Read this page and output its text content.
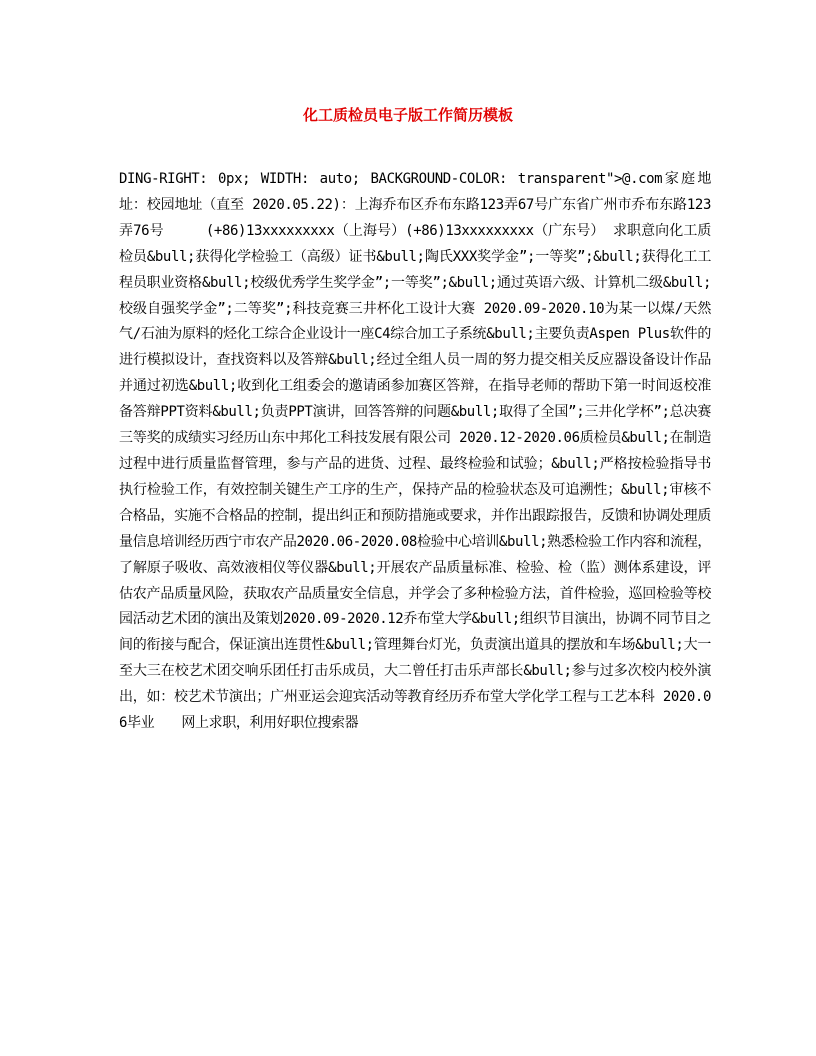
化工质检员电子版工作简历模板

DING-RIGHT: 0px; WIDTH: auto; BACKGROUND-COLOR: transparent">@.com家庭地址：校园地址（直至 2020.05.22)：上海乔布区乔布东路123弄67号广东省广州市乔布东路123弄76号　　　(+86)13xxxxxxxxx（上海号）(+86)13xxxxxxxxx（广东号） 求职意向化工质检员&bull;获得化学检验工（高级）证书&bull;陶氏XXX奖学金”;一等奖”;&bull;获得化工工程员职业资格&bull;校级优秀学生奖学金”;一等奖”;&bull;通过英语六级、计算机二级&bull;校级自强奖学金”;二等奖”;科技竞赛三井杯化工设计大赛 2020.09-2020.10为某一以煤/天然气/石油为原料的烃化工综合企业设计一座C4综合加工子系统&bull;主要负责Aspen Plus软件的进行模拟设计，查找资料以及答辩&bull;经过全组人员一周的努力提交相关反应器设备设计作品并通过初选&bull;收到化工组委会的邀请函参加赛区答辩，在指导老师的帮助下第一时间返校准备答辩PPT资料&bull;负责PPT演讲，回答答辩的问题&bull;取得了全国”;三井化学杯”;总决赛三等奖的成绩实习经历山东中邦化工科技发展有限公司 2020.12-2020.06质检员&bull;在制造过程中进行质量监督管理，参与产品的进货、过程、最终检验和试验；&bull;严格按检验指导书执行检验工作，有效控制关键生产工序的生产，保持产品的检验状态及可追溯性；&bull;审核不合格品，实施不合格品的控制，提出纠正和预防措施或要求，并作出跟踪报告，反馈和协调处理质量信息培训经历西宁市农产品2020.06-2020.08检验中心培训&bull;熟悉检验工作内容和流程，了解原子吸收、高效液相仪等仪器&bull;开展农产品质量标准、检验、检（监）测体系建设，评估农产品质量风险，获取农产品质量安全信息，并学会了多种检验方法，首件检验，巡回检验等校园活动艺术团的演出及策划2020.09-2020.12乔布堂大学&bull;组织节目演出，协调不同节目之间的衔接与配合，保证演出连贯性&bull;管理舞台灯光，负责演出道具的摆放和车场&bull;大一至大三在校艺术团交响乐团任打击乐成员，大二曾任打击乐声部长&bull;参与过多次校内校外演出，如：校艺术节演出；广州亚运会迎宾活动等教育经历乔布堂大学化学工程与工艺本科 2020.06毕业　　网上求职，利用好职位搜索器
